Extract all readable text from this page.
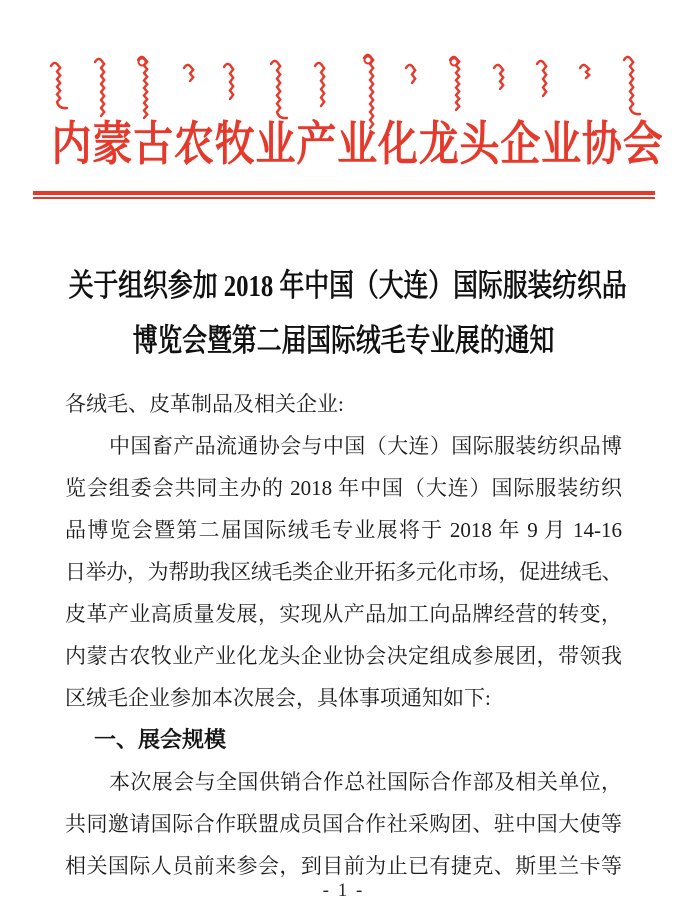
内蒙古农牧业产业化龙头企业协会
关于组织参加 2018 年中国（大连）国际服装纺织品
博览会暨第二届国际绒毛专业展的通知
各绒毛、皮革制品及相关企业:
中国畜产品流通协会与中国（大连）国际服装纺织品博
览会组委会共同主办的 2018 年中国（大连）国际服装纺织
品博览会暨第二届国际绒毛专业展将于 2018 年 9 月 14-16
日举办，为帮助我区绒毛类企业开拓多元化市场，促进绒毛、
皮革产业高质量发展，实现从产品加工向品牌经营的转变，
内蒙古农牧业产业化龙头企业协会决定组成参展团，带领我
区绒毛企业参加本次展会，具体事项通知如下:
一、展会规模
本次展会与全国供销合作总社国际合作部及相关单位，
共同邀请国际合作联盟成员国合作社采购团、驻中国大使等
相关国际人员前来参会，到目前为止已有捷克、斯里兰卡等
- 1 -
